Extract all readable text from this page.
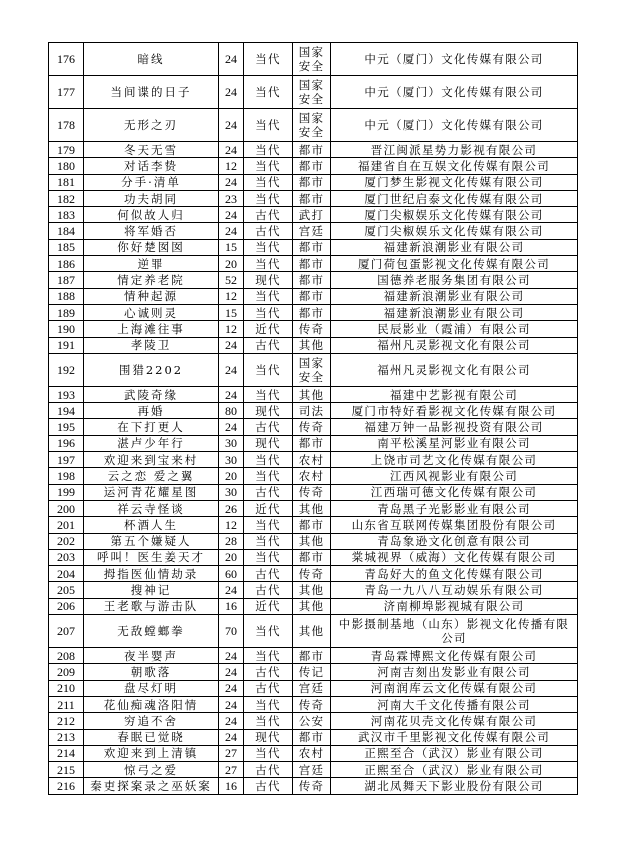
176	暗线	24	当代	国家安全	中元（厦门）文化传媒有限公司
177	当间谍的日子	24	当代	国家安全	中元（厦门）文化传媒有限公司
178	无形之刃	24	当代	国家安全	中元（厦门）文化传媒有限公司
179	冬天无雪	24	当代	都市	晋江闽派星势力影视有限公司
180	对话李贽	12	当代	都市	福建省自在互娱文化传媒有限公司
181	分手·清单	24	当代	都市	厦门梦生影视文化传媒有限公司
182	功夫胡同	23	当代	都市	厦门世纪启泰文化传媒有限公司
183	何似故人归	24	古代	武打	厦门尖椒娱乐文化传媒有限公司
184	将军婚否	24	古代	宫廷	厦门尖椒娱乐文化传媒有限公司
185	你好楚囡囡	15	当代	都市	福建新浪潮影业有限公司
186	逆罪	20	当代	都市	厦门荷包蛋影视文化传媒有限公司
187	情定养老院	52	现代	都市	国德养老服务集团有限公司
188	情种起源	12	当代	都市	福建新浪潮影业有限公司
189	心诚则灵	15	当代	都市	福建新浪潮影业有限公司
190	上海滩往事	12	近代	传奇	民辰影业（霞浦）有限公司
191	孝陵卫	24	古代	其他	福州凡灵影视文化有限公司
192	围猎2202	24	当代	国家安全	福州凡灵影视文化有限公司
193	武陵奇缘	24	当代	其他	福建中艺影视有限公司
194	再婚	80	现代	司法	厦门市特好看影视文化传媒有限公司
195	在下打更人	24	古代	传奇	福建万钟一品影视投资有限公司
196	湛卢少年行	30	现代	都市	南平松溪星河影业有限公司
197	欢迎来到宝来村	30	当代	农村	上饶市司艺文化传媒有限公司
198	云之恋 爱之翼	20	当代	农村	江西风视影业有限公司
199	运河青花耀星图	30	古代	传奇	江西瑞可德文化传媒有限公司
200	祥云寺怪谈	26	近代	其他	青岛黑子光影影业有限公司
201	杯酒人生	12	当代	都市	山东省互联网传媒集团股份有限公司
202	第五个嫌疑人	28	当代	其他	青岛象逊文化创意有限公司
203	呼叫！医生姜天才	20	当代	都市	棠城视界（威海）文化传媒有限公司
204	拇指医仙情劫录	60	古代	传奇	青岛好大的鱼文化传媒有限公司
205	搜神记	24	古代	其他	青岛一九八八互动娱乐有限公司
206	王老歌与游击队	16	近代	其他	济南柳埠影视城有限公司
207	无敌螳螂拳	70	当代	其他	中影摄制基地（山东）影视文化传播有限公司
208	夜半婴声	24	当代	都市	青岛霖博熙文化传媒有限公司
209	朝歌落	24	古代	传记	河南吉刻出发影业有限公司
210	盘尽灯明	24	古代	宫廷	河南润库云文化传媒有限公司
211	花仙痴魂洛阳情	24	当代	传奇	河南大千文化传播有限公司
212	穷追不舍	24	当代	公安	河南花贝壳文化传媒有限公司
213	春眠已觉晓	24	现代	都市	武汉市千里影视文化传媒有限公司
214	欢迎来到上清镇	27	当代	农村	正熙至合（武汉）影业有限公司
215	惊弓之爱	27	古代	宫廷	正熙至合（武汉）影业有限公司
216	秦吏探案录之巫妖案	16	古代	传奇	湖北凤舞天下影业股份有限公司
